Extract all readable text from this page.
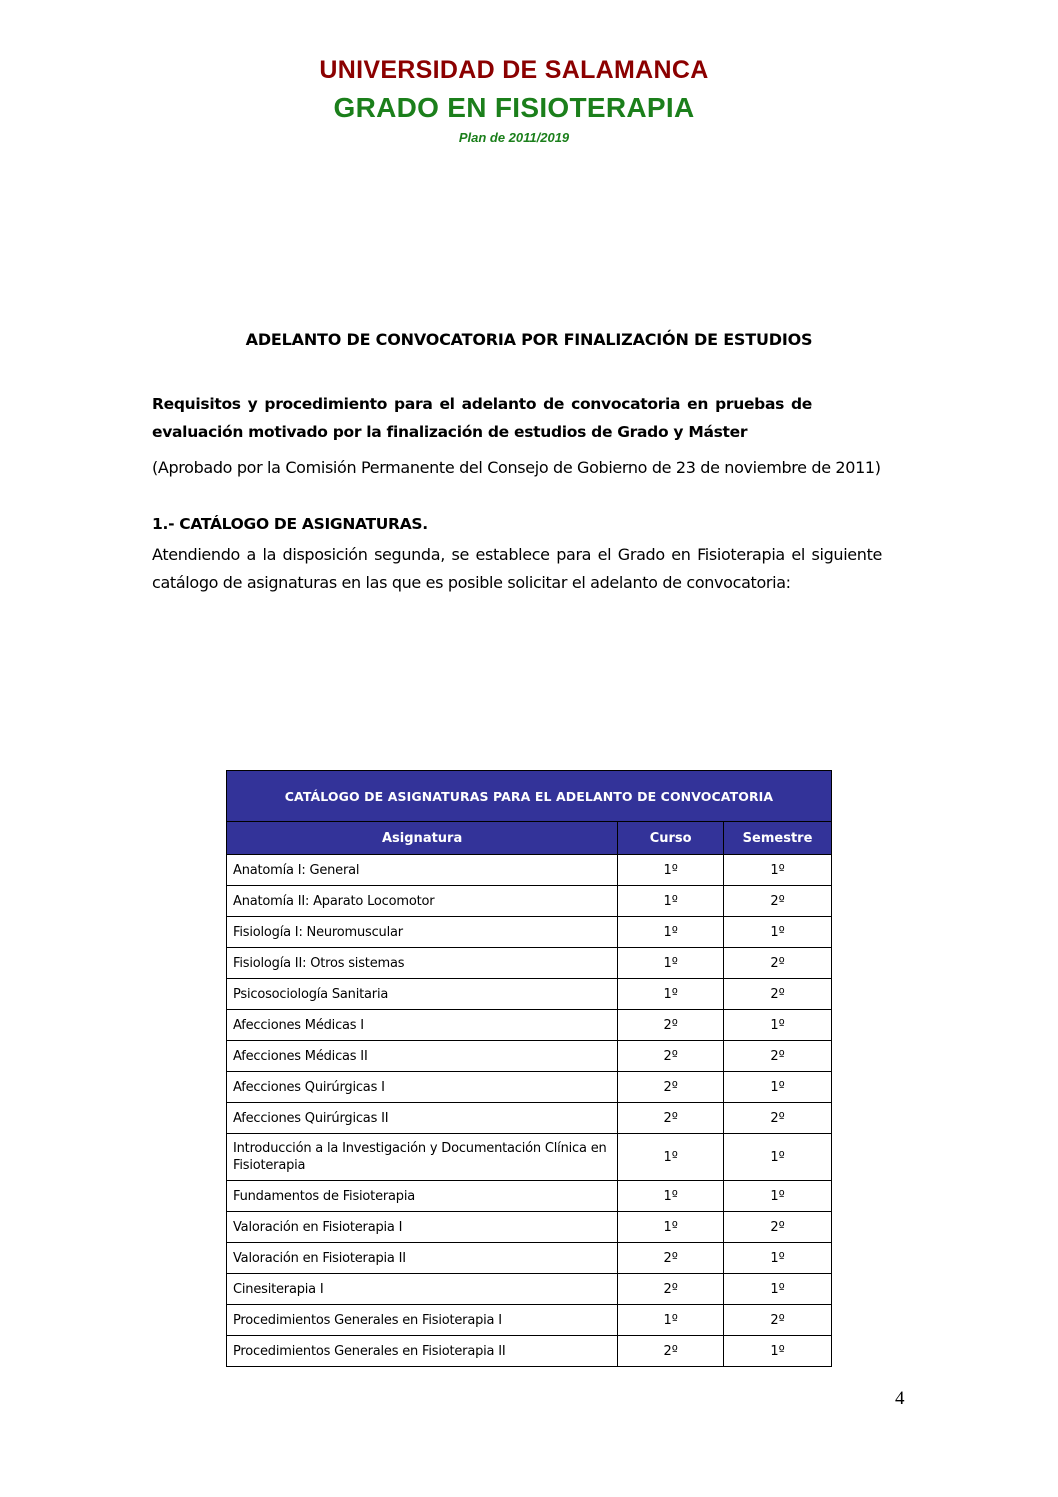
UNIVERSIDAD DE SALAMANCA
GRADO EN FISIOTERAPIA
Plan de 2011/2019
ADELANTO DE CONVOCATORIA POR FINALIZACIÓN DE ESTUDIOS
Requisitos y procedimiento para el adelanto de convocatoria en pruebas de evaluación motivado por la finalización de estudios de Grado y Máster
(Aprobado por la Comisión Permanente del Consejo de Gobierno de 23 de noviembre de 2011)
1.- CATÁLOGO DE ASIGNATURAS.
Atendiendo a la disposición segunda, se establece para el Grado en Fisioterapia el siguiente catálogo de asignaturas en las que es posible solicitar el adelanto de convocatoria:
CATÁLOGO DE ASIGNATURAS PARA EL ADELANTO DE CONVOCATORIA		
Asignatura	Curso	Semestre
Anatomía I: General	1º	1º
Anatomía II: Aparato Locomotor	1º	2º
Fisiología I: Neuromuscular	1º	1º
Fisiología II: Otros sistemas	1º	2º
Psicosociología Sanitaria	1º	2º
Afecciones Médicas I	2º	1º
Afecciones Médicas II	2º	2º
Afecciones Quirúrgicas I	2º	1º
Afecciones Quirúrgicas II	2º	2º
Introducción a la Investigación y Documentación Clínica en Fisioterapia	1º	1º
Fundamentos de Fisioterapia	1º	1º
Valoración en Fisioterapia I	1º	2º
Valoración en Fisioterapia II	2º	1º
Cinesiterapia I	2º	1º
Procedimientos Generales en Fisioterapia I	1º	2º
Procedimientos Generales en Fisioterapia II	2º	1º
4
